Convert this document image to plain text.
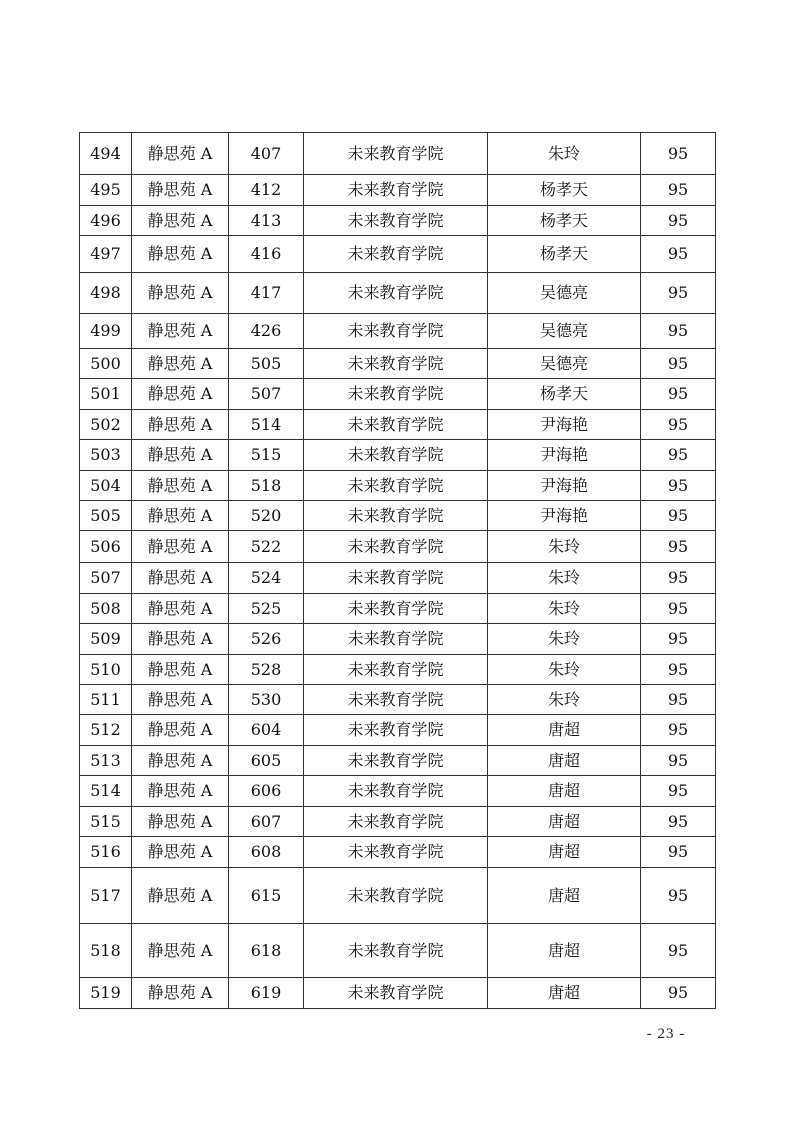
494	静思苑 A	407	未来教育学院	朱玲	95
495	静思苑 A	412	未来教育学院	杨孝天	95
496	静思苑 A	413	未来教育学院	杨孝天	95
497	静思苑 A	416	未来教育学院	杨孝天	95
498	静思苑 A	417	未来教育学院	吴德亮	95
499	静思苑 A	426	未来教育学院	吴德亮	95
500	静思苑 A	505	未来教育学院	吴德亮	95
501	静思苑 A	507	未来教育学院	杨孝天	95
502	静思苑 A	514	未来教育学院	尹海艳	95
503	静思苑 A	515	未来教育学院	尹海艳	95
504	静思苑 A	518	未来教育学院	尹海艳	95
505	静思苑 A	520	未来教育学院	尹海艳	95
506	静思苑 A	522	未来教育学院	朱玲	95
507	静思苑 A	524	未来教育学院	朱玲	95
508	静思苑 A	525	未来教育学院	朱玲	95
509	静思苑 A	526	未来教育学院	朱玲	95
510	静思苑 A	528	未来教育学院	朱玲	95
511	静思苑 A	530	未来教育学院	朱玲	95
512	静思苑 A	604	未来教育学院	唐超	95
513	静思苑 A	605	未来教育学院	唐超	95
514	静思苑 A	606	未来教育学院	唐超	95
515	静思苑 A	607	未来教育学院	唐超	95
516	静思苑 A	608	未来教育学院	唐超	95
517	静思苑 A	615	未来教育学院	唐超	95
518	静思苑 A	618	未来教育学院	唐超	95
519	静思苑 A	619	未来教育学院	唐超	95
- 23 -
